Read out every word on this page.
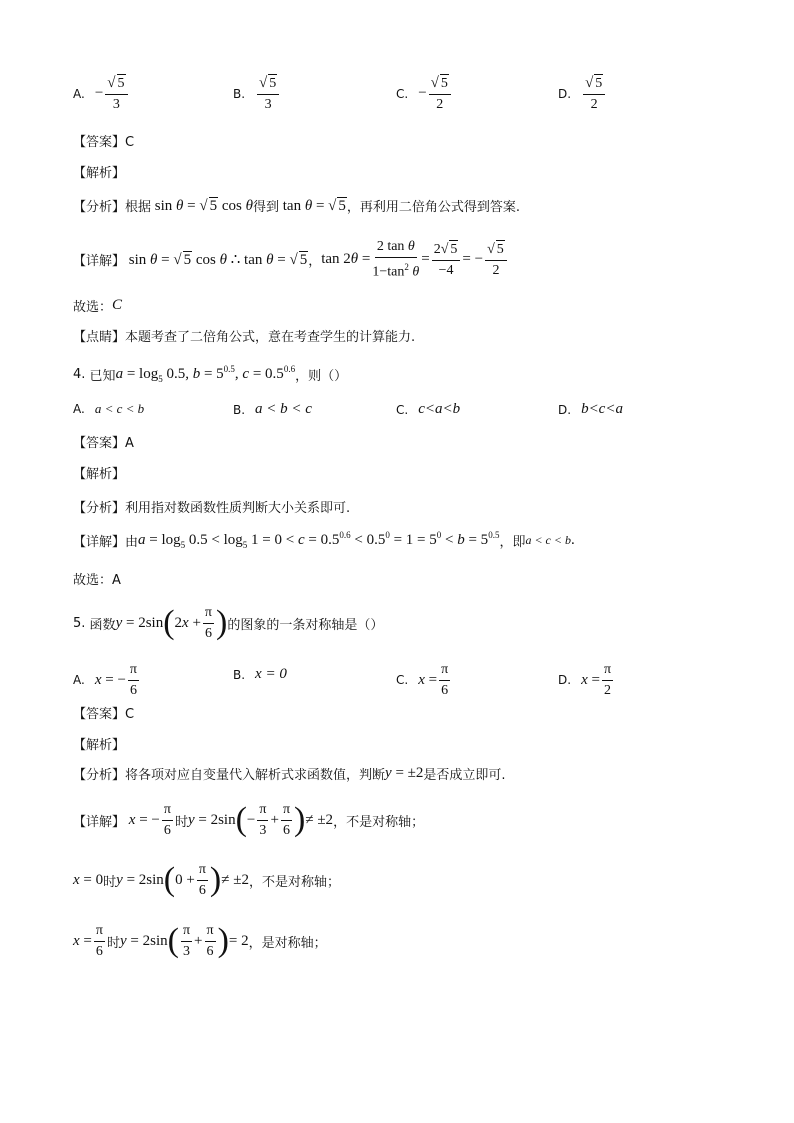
A. − $\frac{√ 5}{3}$	B. $\frac{√ 5}{3}$	C. − $\frac{√ 5}{2}$	D. $\frac{√ 5}{2}$
【答案】C
【解析】
【分析】 根据 sin θ = √ 5 cos θ 得到 tan θ = √ 5 ，再利用二倍角公式得到答案.
【详解】 sin θ = √ 5 cos θ ∴ tan θ = √ 5 ， $\tan 2\theta = \frac{\text{2 tan θ}}{1-\tan^2 \theta} = \frac{2√ 5}{-4}$ = − $\frac{√ 5}{2}$
故选： C
【点睛】本题考查了二倍角公式，意在考查学生的计算能力.
4.
已知 $a = \log_5 0.5$, $b = 5^{0.5}$, $c = 0.5^{0.6}$ ，则（）
A. a < c < b	B. a < b < c	C. c<a<b	D. b<c<a
【答案】A
【解析】
【分析】利用指对数函数性质判断大小关系即可.
【详解】由 $a = \log_5 0.5 < \log_5 1 = 0 < c = 0.5^{0.6} < 0.5^0 = 1 = 5^0 < b = 5^{0.5}$ ，即 a < c < b .
故选：A
5.
函数 y = 2sin ( $2x + \frac{\pi}{6}$ ) 的图象的一条对称轴是（）
A. x = − $\frac{\pi}{6}$	B. x = 0	C. $x = \frac{\pi}{6}$	D. $x = \frac{\pi}{2}$
【答案】C
【解析】
【分析】将各项对应自变量代入解析式求函数值，判断 y = ±2 是否成立即可.
【详解】 x = − $\frac{\pi}{6}$ 时 y = 2sin ( − $\frac{\pi}{3} + \frac{\pi}{6}$ ) ≠ ±2 ，不是对称轴；
x = 0 时 y = 2sin ( $0 + \frac{\pi}{6}$ ) ≠ ±2 ，不是对称轴；
$x = \frac{\pi}{6}$ 时 y = 2sin ( $\frac{\pi}{3} + \frac{\pi}{6}$ ) = 2 ，是对称轴；
